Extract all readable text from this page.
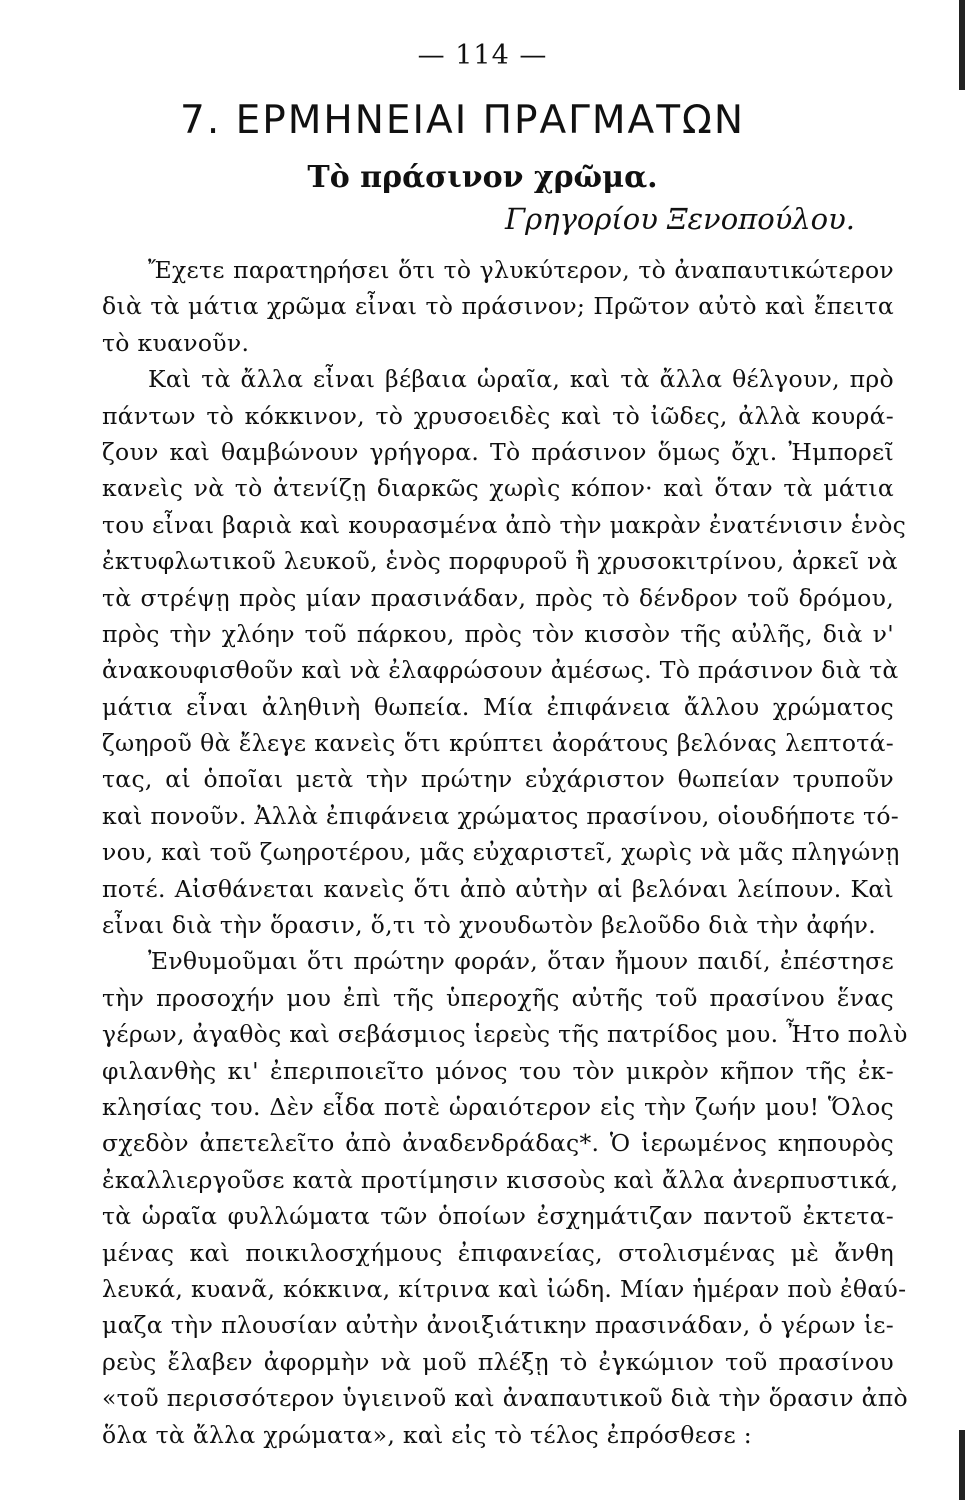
— 114 —
7. ΕΡΜΗΝΕΙΑΙ ΠΡΑΓΜΑΤΩΝ
Τὸ πράσινον χρῶμα.
Γρηγορίου Ξενοπούλου.
Ἔχετε παρατηρήσει ὅτι τὸ γλυκύτερον, τὸ ἀναπαυτικώτερον
διὰ τὰ μάτια χρῶμα εἶναι τὸ πράσινον; Πρῶτον αὐτὸ καὶ ἔπειτα
τὸ κυανοῦν.
Καὶ τὰ ἄλλα εἶναι βέβαια ὡραῖα, καὶ τὰ ἄλλα θέλγουν, πρὸ
πάντων τὸ κόκκινον, τὸ χρυσοειδὲς καὶ τὸ ἰῶδες, ἀλλὰ κουρά-
ζουν καὶ θαμβώνουν γρήγορα. Τὸ πράσινον ὅμως ὄχι. Ἠμπορεῖ
κανεὶς νὰ τὸ ἀτενίζῃ διαρκῶς χωρὶς κόπον· καὶ ὅταν τὰ μάτια
του εἶναι βαριὰ καὶ κουρασμένα ἀπὸ τὴν μακρὰν ἐνατένισιν ἑνὸς
ἐκτυφλωτικοῦ λευκοῦ, ἑνὸς πορφυροῦ ἢ χρυσοκιτρίνου, ἀρκεῖ νὰ
τὰ στρέψῃ πρὸς μίαν πρασινάδαν, πρὸς τὸ δένδρον τοῦ δρόμου,
πρὸς τὴν χλόην τοῦ πάρκου, πρὸς τὸν κισσὸν τῆς αὐλῆς, διὰ ν'
ἀνακουφισθοῦν καὶ νὰ ἐλαφρώσουν ἀμέσως. Τὸ πράσινον διὰ τὰ
μάτια εἶναι ἀληθινὴ θωπεία. Μία ἐπιφάνεια ἄλλου χρώματος
ζωηροῦ θὰ ἔλεγε κανεὶς ὅτι κρύπτει ἀοράτους βελόνας λεπτοτά-
τας, αἱ ὁποῖαι μετὰ τὴν πρώτην εὐχάριστον θωπείαν τρυποῦν
καὶ πονοῦν. Ἀλλὰ ἐπιφάνεια χρώματος πρασίνου, οἱουδήποτε τό-
νου, καὶ τοῦ ζωηροτέρου, μᾶς εὐχαριστεῖ, χωρὶς νὰ μᾶς πληγώνῃ
ποτέ. Αἰσθάνεται κανεὶς ὅτι ἀπὸ αὐτὴν αἱ βελόναι λείπουν. Καὶ
εἶναι διὰ τὴν ὅρασιν, ὅ,τι τὸ χνουδωτὸν βελοῦδο διὰ τὴν ἀφήν.
Ἐνθυμοῦμαι ὅτι πρώτην φοράν, ὅταν ἤμουν παιδί, ἐπέστησε
τὴν προσοχήν μου ἐπὶ τῆς ὑπεροχῆς αὐτῆς τοῦ πρασίνου ἕνας
γέρων, ἀγαθὸς καὶ σεβάσμιος ἱερεὺς τῆς πατρίδος μου. Ἦτο πολὺ
φιλανθὴς κι' ἐπεριποιεῖτο μόνος του τὸν μικρὸν κῆπον τῆς ἐκ-
κλησίας του. Δὲν εἶδα ποτὲ ὡραιότερον εἰς τὴν ζωήν μου! Ὅλος
σχεδὸν ἀπετελεῖτο ἀπὸ ἀναδενδράδας*. Ὁ ἱερωμένος κηπουρὸς
ἐκαλλιεργοῦσε κατὰ προτίμησιν κισσοὺς καὶ ἄλλα ἀνερπυστικά,
τὰ ὡραῖα φυλλώματα τῶν ὁποίων ἐσχημάτιζαν παντοῦ ἐκτετα-
μένας καὶ ποικιλοσχήμους ἐπιφανείας, στολισμένας μὲ ἄνθη
λευκά, κυανᾶ, κόκκινα, κίτρινα καὶ ἰώδη. Μίαν ἡμέραν ποὺ ἐθαύ-
μαζα τὴν πλουσίαν αὐτὴν ἀνοιξιάτικην πρασινάδαν, ὁ γέρων ἱε-
ρεὺς ἔλαβεν ἀφορμὴν νὰ μοῦ πλέξῃ τὸ ἐγκώμιον τοῦ πρασίνου
«τοῦ περισσότερον ὑγιεινοῦ καὶ ἀναπαυτικοῦ διὰ τὴν ὅρασιν ἀπὸ
ὅλα τὰ ἄλλα χρώματα», καὶ εἰς τὸ τέλος ἐπρόσθεσε :
